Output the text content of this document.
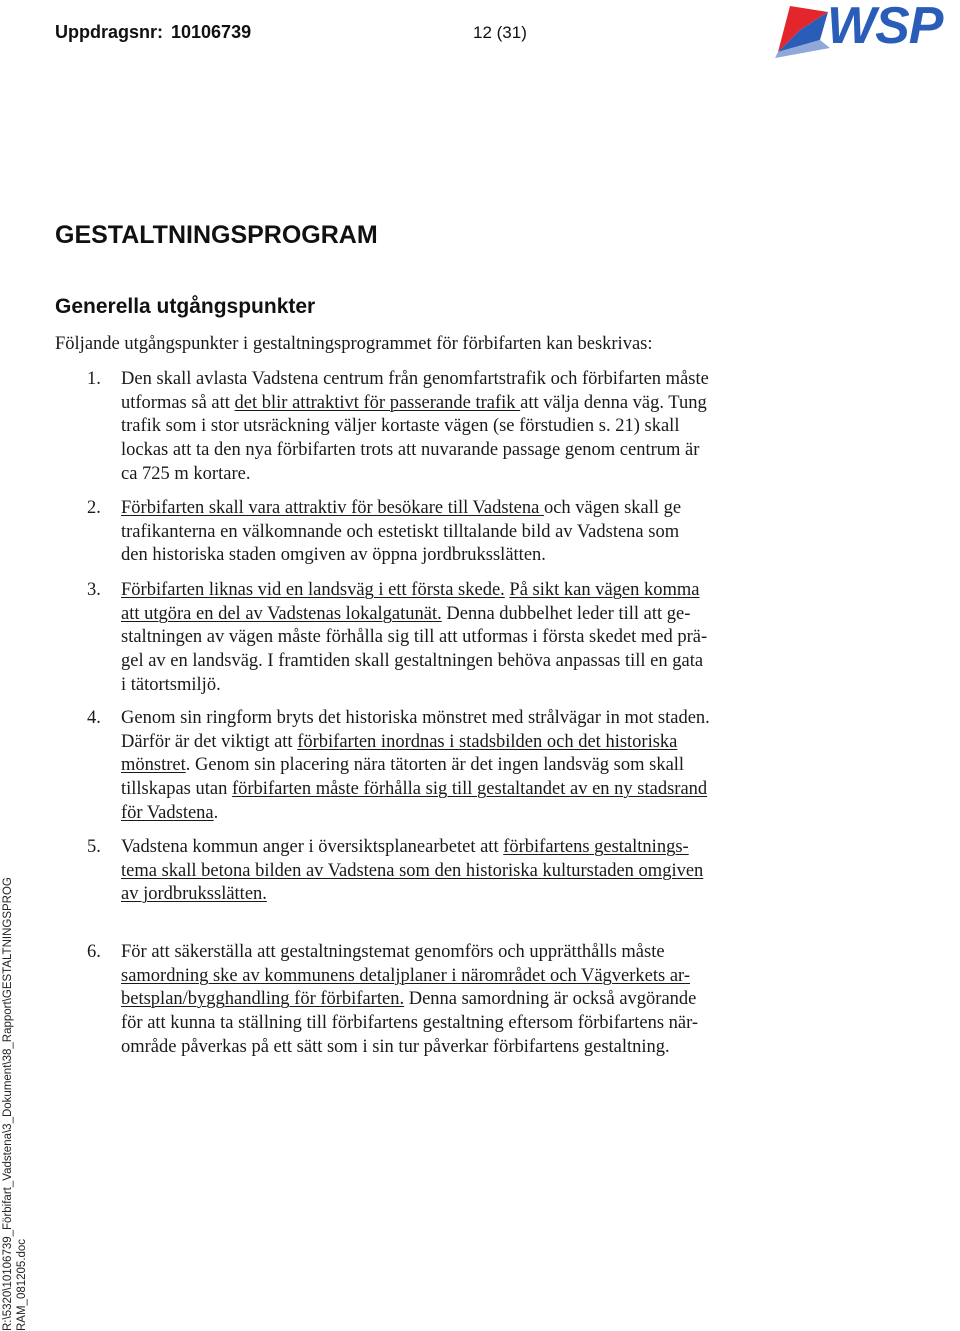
Uppdragsnr: 10106739	12 (31)	WSP
GESTALTNINGSPROGRAM
Generella utgångspunkter

Följande utgångspunkter i gestaltningsprogrammet för förbifarten kan beskrivas:

1.	Den skall avlasta Vadstena centrum från genomfartstrafik och förbifarten måste
utformas så att det blir attraktivt för passerande trafik att välja denna väg. Tung
trafik som i stor utsräckning väljer kortaste vägen (se förstudien s. 21) skall
lockas att ta den nya förbifarten trots att nuvarande passage genom centrum är
ca 725 m kortare.
2.	Förbifarten skall vara attraktiv för besökare till Vadstena och vägen skall ge
trafikanterna en välkomnande och estetiskt tilltalande bild av Vadstena som
den historiska staden omgiven av öppna jordbruksslätten.
3.	Förbifarten liknas vid en landsväg i ett första skede. På sikt kan vägen komma
att utgöra en del av Vadstenas lokalgatunät. Denna dubbelhet leder till att ge-
staltningen av vägen måste förhålla sig till att utformas i första skedet med prä-
gel av en landsväg. I framtiden skall gestaltningen behöva anpassas till en gata
i tätortsmiljö.
4.	Genom sin ringform bryts det historiska mönstret med strålvägar in mot staden.
Därför är det viktigt att förbifarten inordnas i stadsbilden och det historiska
mönstret. Genom sin placering nära tätorten är det ingen landsväg som skall
tillskapas utan förbifarten måste förhålla sig till gestaltandet av en ny stadsrand
för Vadstena.
5.	Vadstena kommun anger i översiktsplanearbetet att förbifartens gestaltnings-
tema skall betona bilden av Vadstena som den historiska kulturstaden omgiven
av jordbruksslätten.
6.	För att säkerställa att gestaltningstemat genomförs och upprätthålls måste
samordning ske av kommunens detaljplaner i närområdet och Vägverkets ar-
betsplan/bygghandling för förbifarten. Denna samordning är också avgörande
för att kunna ta ställning till förbifartens gestaltning eftersom förbifartens när-
område påverkas på ett sätt som i sin tur påverkar förbifartens gestaltning.
R:\5320\10106739_Förbifart_Vadstena\3_Dokument\38_Rapport\GESTALTNINGSPROG RAM_081205.doc
